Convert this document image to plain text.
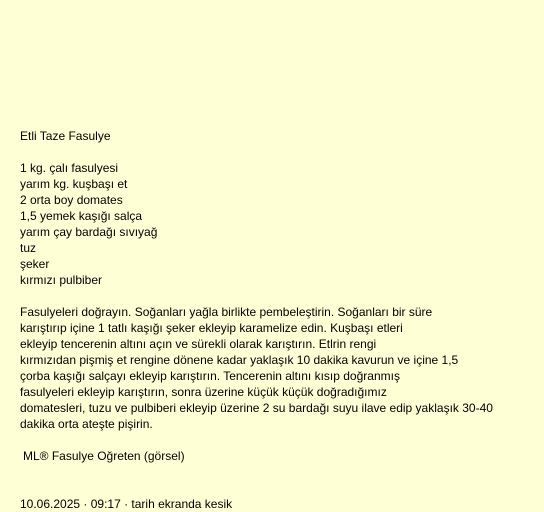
Etli Taze Fasulye
1 kg. çalı fasulyesi
yarım kg. kuşbaşı et
2 orta boy domates
1,5 yemek kaşığı salça
yarım çay bardağı sıvıyağ
tuz
şeker
kırmızı pulbiber
Fasulyeleri doğrayın. Soğanları yağla birlikte pembeleştirin. Soğanları bir süre
karıştırıp içine 1 tatlı kaşığı şeker ekleyip karamelize edin. Kuşbaşı etleri
ekleyip tencerenin altını açın ve sürekli olarak karıştırın. Etlrin rengi
kırmızıdan pişmiş et rengine dönene kadar yaklaşık 10 dakika kavurun ve içine 1,5
çorba kaşığı salçayı ekleyip karıştırın. Tencerenin altını kısıp doğranmış
fasulyeleri ekleyip karıştırın, sonra üzerine küçük küçük doğradığımız
domatesleri, tuzu ve pulbiberi ekleyip üzerine 2 su bardağı suyu ilave edip yaklaşık 30-40
dakika orta ateşte pişirin.
ML® Fasulye Oğreten (görsel)
10.06.2025 · 09:17 · tarih ekranda kesik
